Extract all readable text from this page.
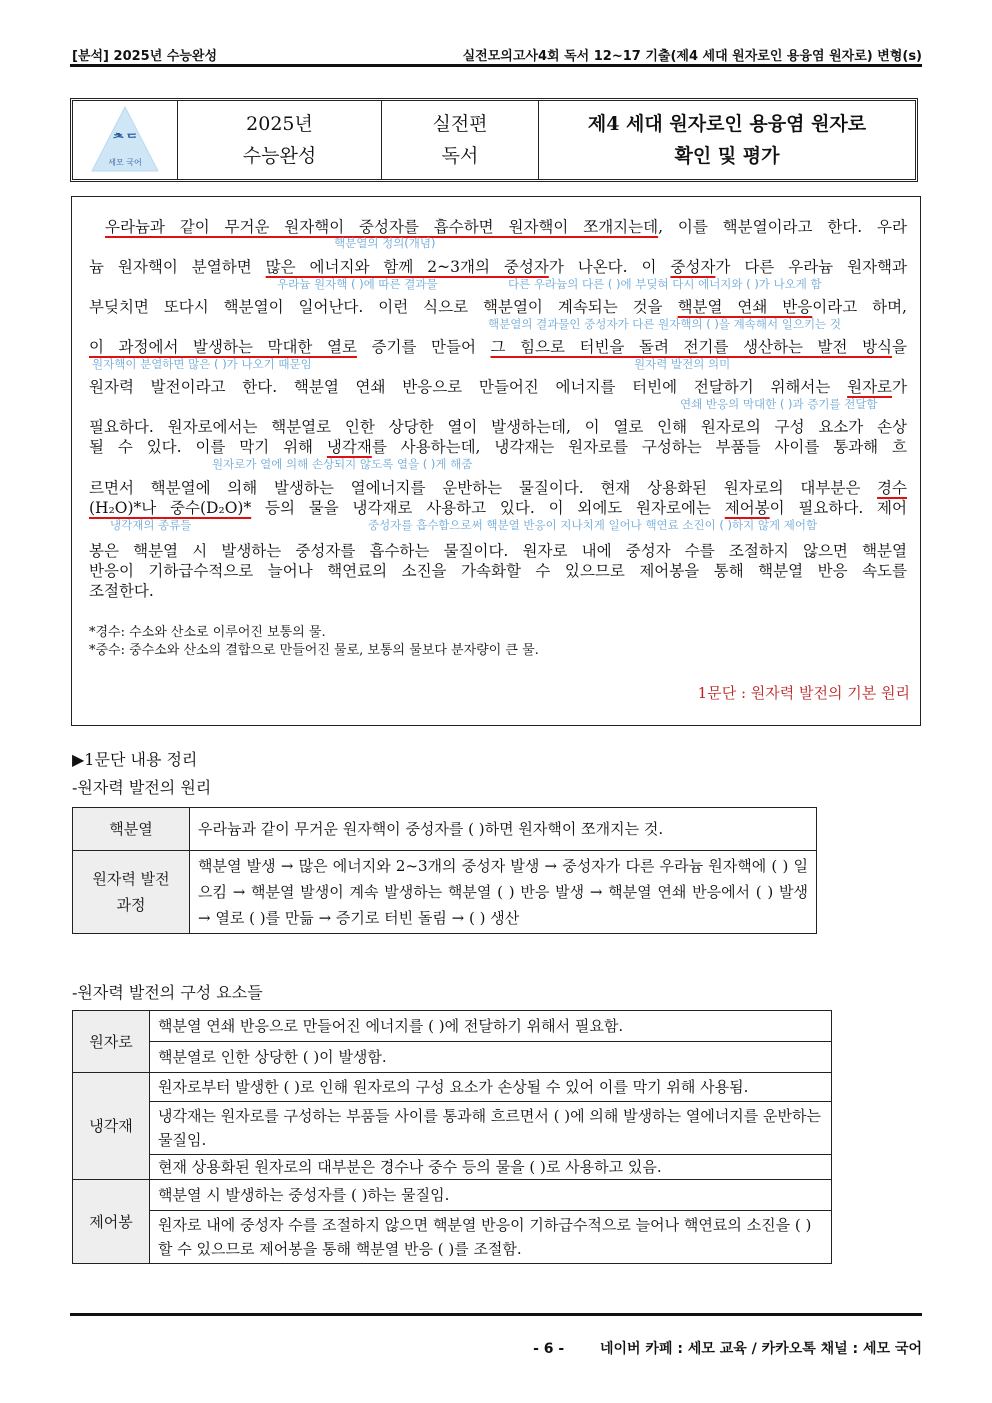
[분석] 2025년 수능완성	실전모의고사4회 독서 12~17 기출(제4 세대 원자로인 용융염 원자로) 변형(s)
ᄎᄃ
세모 국어
2025년
수능완성
실전편
독서
제4 세대 원자로인 용융염 원자로
확인 및 평가
우라늄과 같이 무거운 원자핵이 중성자를 흡수하면 원자핵이 쪼개지는데, 이를 핵분열이라고 한다. 우라
핵분열의 정의(개념)
늄 원자핵이 분열하면 많은 에너지와 함께 2~3개의 중성자가 나온다. 이 중성자가 다른 우라늄 원자핵과
우라늄 원자핵 ( )에 따른 결과물	다른 우라늄의 다른 ( )에 부딪혀 다시 에너지와 ( )가 나오게 함
부딪치면 또다시 핵분열이 일어난다. 이런 식으로 핵분열이 계속되는 것을 핵분열 연쇄 반응이라고 하며,
핵분열의 결과물인 중성자가 다른 원자핵의 ( )을 계속해서 일으키는 것
이 과정에서 발생하는 막대한 열로 증기를 만들어 그 힘으로 터빈을 돌려 전기를 생산하는 발전 방식을
원자핵이 분열하면 많은 ( )가 나오기 때문임	원자력 발전의 의미
원자력 발전이라고 한다. 핵분열 연쇄 반응으로 만들어진 에너지를 터빈에 전달하기 위해서는 원자로가
연쇄 반응의 막대한 ( )과 증기를 전달함
필요하다. 원자로에서는 핵분열로 인한 상당한 열이 발생하는데, 이 열로 인해 원자로의 구성 요소가 손상
될 수 있다. 이를 막기 위해 냉각재를 사용하는데, 냉각재는 원자로를 구성하는 부품들 사이를 통과해 흐
원자로가 열에 의해 손상되지 않도록 열을 ( )게 해줌
르면서 핵분열에 의해 발생하는 열에너지를 운반하는 물질이다. 현재 상용화된 원자로의 대부분은 경수
(H₂O)*나 중수(D₂O)* 등의 물을 냉각재로 사용하고 있다. 이 외에도 원자로에는 제어봉이 필요하다. 제어
냉각재의 종류들	중성자를 흡수함으로써 핵분열 반응이 지나치게 일어나 핵연료 소진이 ( )하지 않게 제어함
봉은 핵분열 시 발생하는 중성자를 흡수하는 물질이다. 원자로 내에 중성자 수를 조절하지 않으면 핵분열
반응이 기하급수적으로 늘어나 핵연료의 소진을 가속화할 수 있으므로 제어봉을 통해 핵분열 반응 속도를
조절한다.
*경수: 수소와 산소로 이루어진 보통의 물.
*중수: 중수소와 산소의 결합으로 만들어진 물로, 보통의 물보다 분자량이 큰 물.
1문단 : 원자력 발전의 기본 원리
▶1문단 내용 정리
-원자력 발전의 원리
핵분열	우라늄과 같이 무거운 원자핵이 중성자를 ( )하면 원자핵이 쪼개지는 것.
원자력 발전
과정	핵분열 발생 → 많은 에너지와 2~3개의 중성자 발생 → 중성자가 다른 우라늄 원자핵에 ( ) 일으킴 → 핵분열 발생이 계속 발생하는 핵분열 ( ) 반응 발생 → 핵분열 연쇄 반응에서 ( ) 발생 → 열로 ( )를 만듦 → 증기로 터빈 돌림 → ( ) 생산
-원자력 발전의 구성 요소들
원자로	핵분열 연쇄 반응으로 만들어진 에너지를 ( )에 전달하기 위해서 필요함.
	핵분열로 인한 상당한 ( )이 발생함.
냉각재	원자로부터 발생한 ( )로 인해 원자로의 구성 요소가 손상될 수 있어 이를 막기 위해 사용됨.
	냉각재는 원자로를 구성하는 부품들 사이를 통과해 흐르면서 ( )에 의해 발생하는 열에너지를 운반하는 물질임.
	현재 상용화된 원자로의 대부분은 경수나 중수 등의 물을 ( )로 사용하고 있음.
제어봉	핵분열 시 발생하는 중성자를 ( )하는 물질임.
	원자로 내에 중성자 수를 조절하지 않으면 핵분열 반응이 기하급수적으로 늘어나 핵연료의 소진을 ( )할 수 있으므로 제어봉을 통해 핵분열 반응 ( )를 조절함.
- 6 -	네이버 카페 : 세모 교육 / 카카오톡 채널 : 세모 국어
